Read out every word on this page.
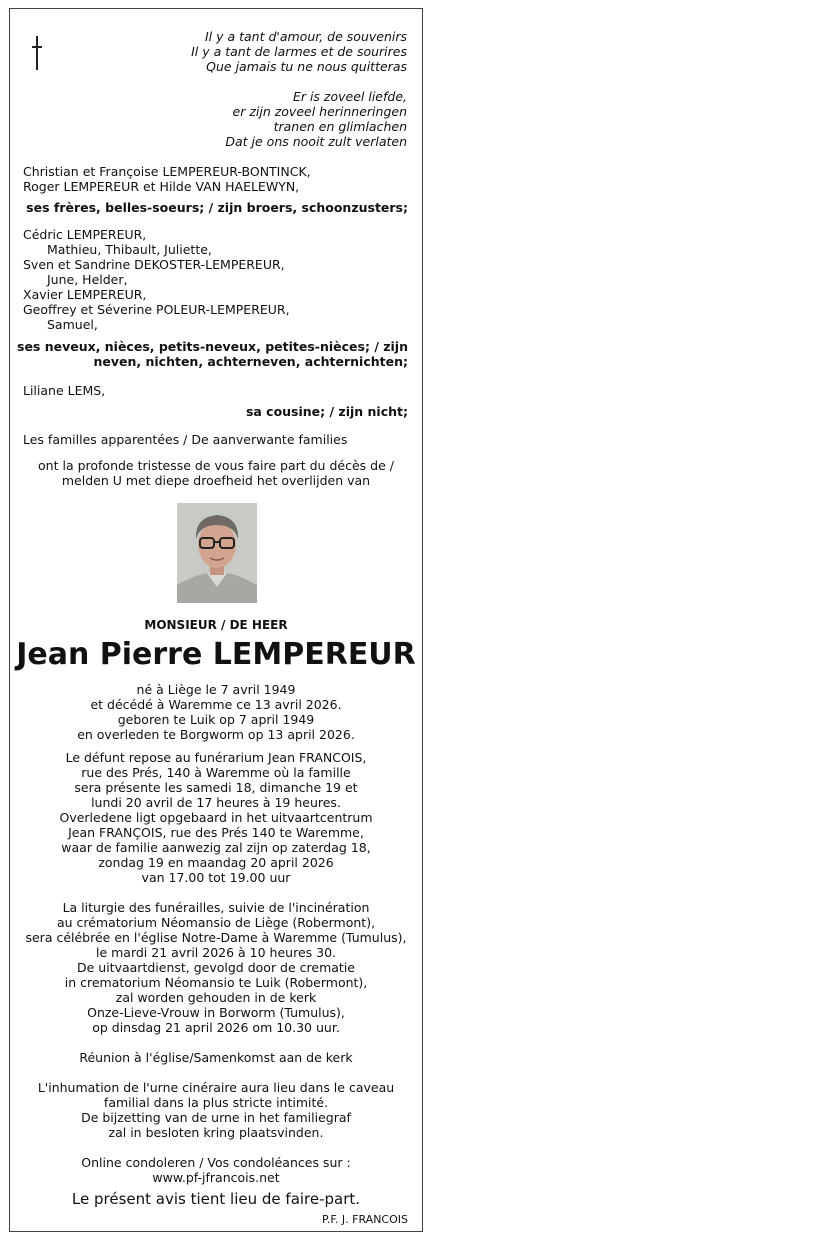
Il y a tant d'amour, de souvenirs
Il y a tant de larmes et de sourires
Que jamais tu ne nous quitteras
Er is zoveel liefde,
er zijn zoveel herinneringen
tranen en glimlachen
Dat je ons nooit zult verlaten
Christian et Françoise LEMPEREUR-BONTINCK,
Roger LEMPEREUR et Hilde VAN HAELEWYN,
ses frères, belles-soeurs; / zijn broers, schoonzusters;
Cédric LEMPEREUR,
Mathieu, Thibault, Juliette,
Sven et Sandrine DEKOSTER-LEMPEREUR,
June, Helder,
Xavier LEMPEREUR,
Geoffrey et Séverine POLEUR-LEMPEREUR,
Samuel,
ses neveux, nièces, petits-neveux, petites-nièces; / zijn
neven, nichten, achterneven, achternichten;
Liliane LEMS,
sa cousine; / zijn nicht;
Les familles apparentées / De aanverwante families
ont la profonde tristesse de vous faire part du décès de /
melden U met diepe droefheid het overlijden van
MONSIEUR / DE HEER
Jean Pierre LEMPEREUR
né à Liège le 7 avril 1949
et décédé à Waremme ce 13 avril 2026.
geboren te Luik op 7 april 1949
en overleden te Borgworm op 13 april 2026.
Le défunt repose au funérarium Jean FRANCOIS,
rue des Prés, 140 à Waremme où la famille
sera présente les samedi 18, dimanche 19 et
lundi 20 avril de 17 heures à 19 heures.
Overledene ligt opgebaard in het uitvaartcentrum
Jean FRANÇOIS, rue des Prés 140 te Waremme,
waar de familie aanwezig zal zijn op zaterdag 18,
zondag 19 en maandag 20 april 2026
van 17.00 tot 19.00 uur
La liturgie des funérailles, suivie de l'incinération
au crématorium Néomansio de Liège (Robermont),
sera célébrée en l'église Notre-Dame à Waremme (Tumulus),
le mardi 21 avril 2026 à 10 heures 30.
De uitvaartdienst, gevolgd door de crematie
in crematorium Néomansio te Luik (Robermont),
zal worden gehouden in de kerk
Onze-Lieve-Vrouw in Borworm (Tumulus),
op dinsdag 21 april 2026 om 10.30 uur.
Réunion à l'église/Samenkomst aan de kerk
L'inhumation de l'urne cinéraire aura lieu dans le caveau
familial dans la plus stricte intimité.
De bijzetting van de urne in het familiegraf
zal in besloten kring plaatsvinden.
Online condoleren / Vos condoléances sur :
www.pf-jfrancois.net
Le présent avis tient lieu de faire-part.
P.F. J. FRANCOIS
